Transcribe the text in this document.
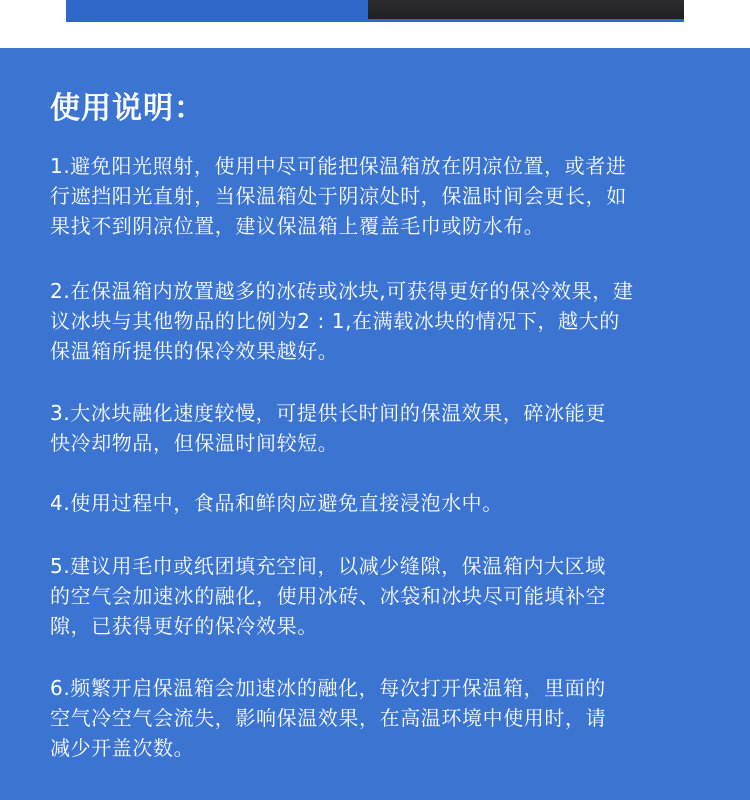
使用说明：

1.避免阳光照射，使用中尽可能把保温箱放在阴凉位置，或者进
行遮挡阳光直射，当保温箱处于阴凉处时，保温时间会更长，如
果找不到阴凉位置，建议保温箱上覆盖毛巾或防水布。

2.在保温箱内放置越多的冰砖或冰块,可获得更好的保冷效果，建
议冰块与其他物品的比例为2 : 1,在满载冰块的情况下，越大的
保温箱所提供的保冷效果越好。

3.大冰块融化速度较慢，可提供长时间的保温效果，碎冰能更
快冷却物品，但保温时间较短。

4.使用过程中，食品和鲜肉应避免直接浸泡水中。

5.建议用毛巾或纸团填充空间，以减少缝隙，保温箱内大区域
的空气会加速冰的融化，使用冰砖、冰袋和冰块尽可能填补空
隙，已获得更好的保冷效果。

6.频繁开启保温箱会加速冰的融化，每次打开保温箱，里面的
空气冷空气会流失，影响保温效果，在高温环境中使用时，请
减少开盖次数。
